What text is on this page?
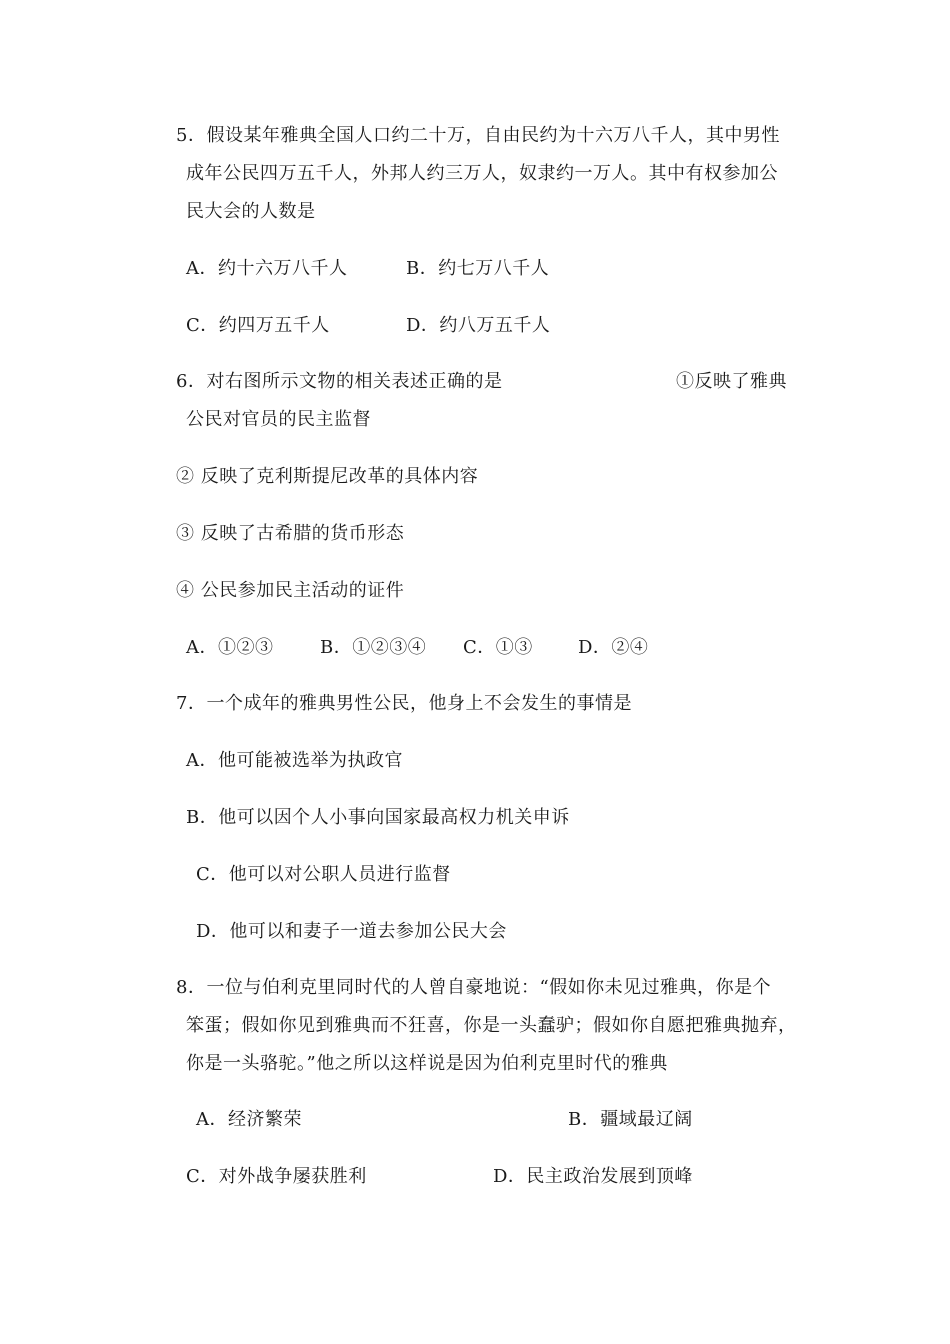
5．假设某年雅典全国人口约二十万，自由民约为十六万八千人，其中男性
成年公民四万五千人，外邦人约三万人，奴隶约一万人。其中有权参加公
民大会的人数是
A．约十六万八千人	B．约七万八千人
C．约四万五千人	D．约八万五千人
6．对右图所示文物的相关表述正确的是	①反映了雅典
公民对官员的民主监督
② 反映了克利斯提尼改革的具体内容
③ 反映了古希腊的货币形态
④ 公民参加民主活动的证件
A．①②③	B．①②③④ C．①③	D．②④
7．一个成年的雅典男性公民，他身上不会发生的事情是
A．他可能被选举为执政官
B．他可以因个人小事向国家最高权力机关申诉
C．他可以对公职人员进行监督
D．他可以和妻子一道去参加公民大会
8．一位与伯利克里同时代的人曾自豪地说：“假如你未见过雅典，你是个
笨蛋；假如你见到雅典而不狂喜，你是一头蠢驴；假如你自愿把雅典抛弃，
你是一头骆驼。”他之所以这样说是因为伯利克里时代的雅典
A．经济繁荣	B．疆域最辽阔
C．对外战争屡获胜利	D．民主政治发展到顶峰
